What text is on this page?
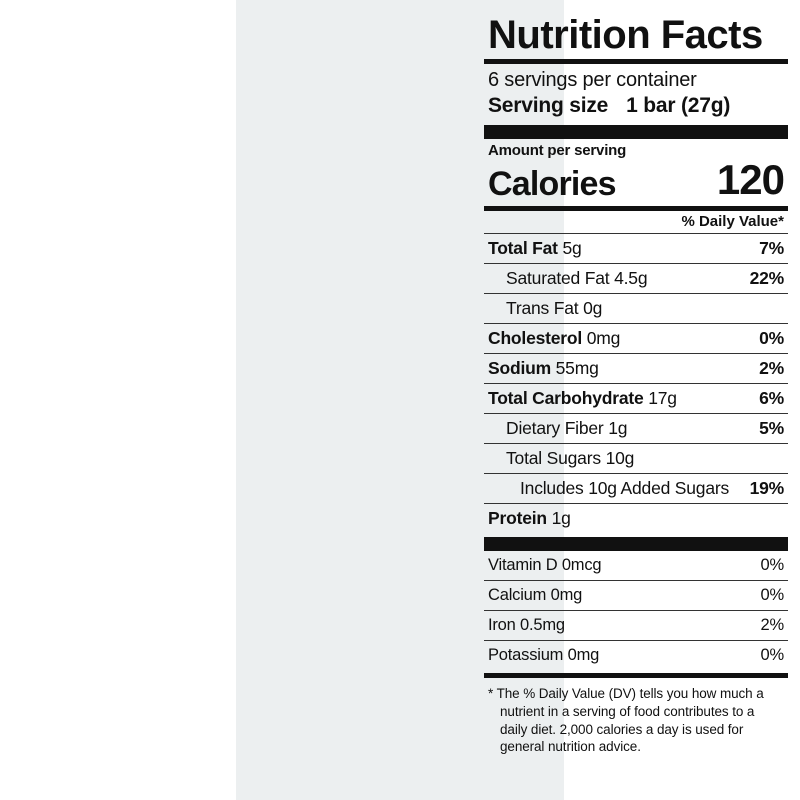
Nutrition Facts
6 servings per container
Serving size 1 bar (27g)
Amount per serving
Calories 120
% Daily Value*
Total Fat 5g	7%
Saturated Fat 4.5g	22%
Trans Fat 0g
Cholesterol 0mg	0%
Sodium 55mg	2%
Total Carbohydrate 17g	6%
Dietary Fiber 1g	5%
Total Sugars 10g
Includes 10g Added Sugars 19%
Protein 1g
Vitamin D 0mcg	0%
Calcium 0mg	0%
Iron 0.5mg	2%
Potassium 0mg	0%
* The % Daily Value (DV) tells you how much a nutrient in a serving of food contributes to a daily diet. 2,000 calories a day is used for general nutrition advice.
